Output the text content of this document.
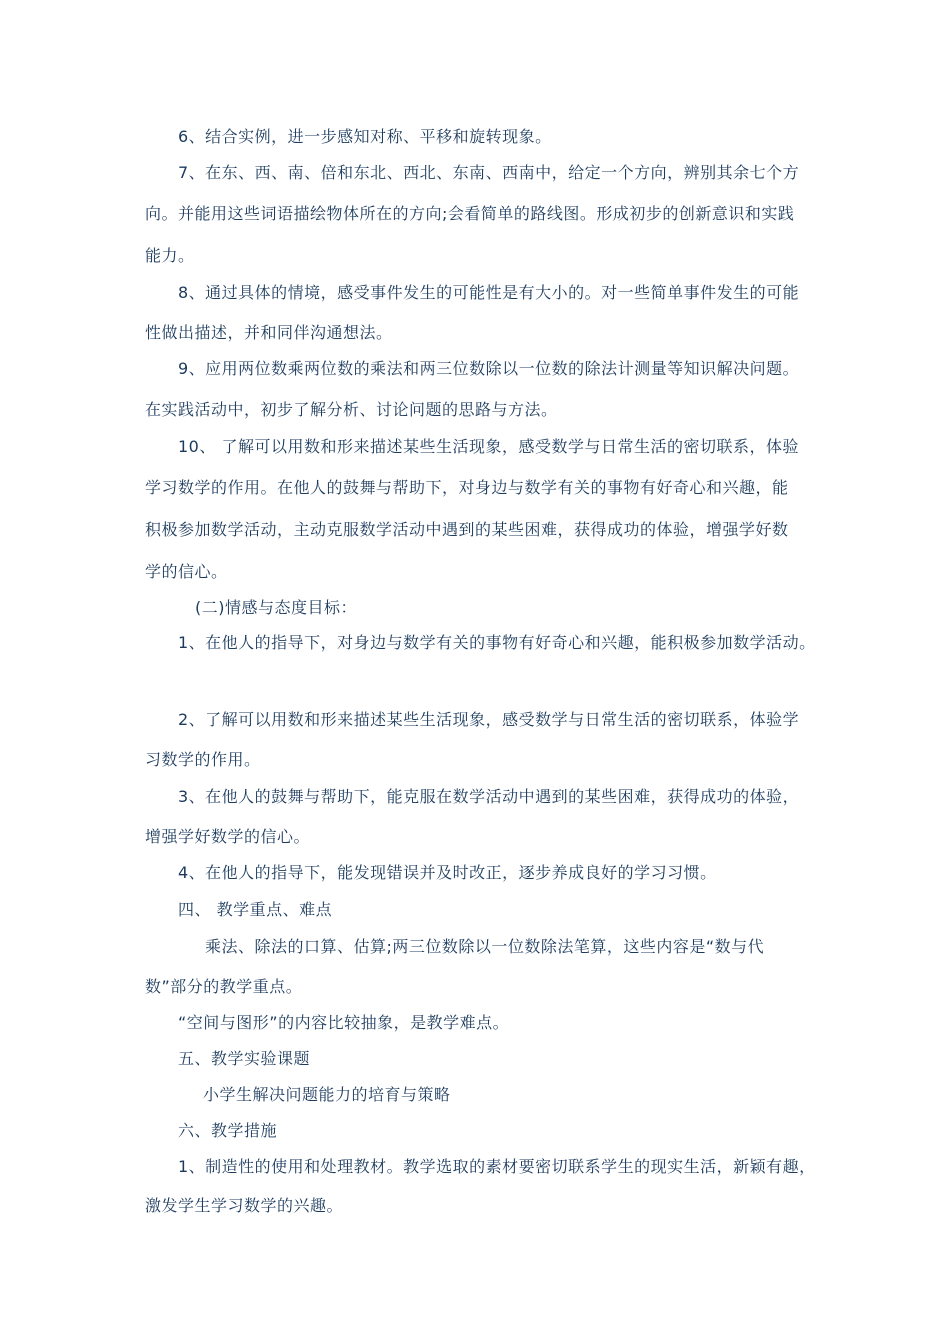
6、结合实例，进一步感知对称、平移和旋转现象。

7、在东、西、南、倍和东北、西北、东南、西南中，给定一个方向，辨别其余七个方

向。并能用这些词语描绘物体所在的方向;会看简单的路线图。形成初步的创新意识和实践

能力。

8、通过具体的情境，感受事件发生的可能性是有大小的。对一些简单事件发生的可能

性做出描述，并和同伴沟通想法。

9、应用两位数乘两位数的乘法和两三位数除以一位数的除法计测量等知识解决问题。

在实践活动中，初步了解分析、讨论问题的思路与方法。

10、 了解可以用数和形来描述某些生活现象，感受数学与日常生活的密切联系，体验

学习数学的作用。在他人的鼓舞与帮助下，对身边与数学有关的事物有好奇心和兴趣，能

积极参加数学活动，主动克服数学活动中遇到的某些困难，获得成功的体验，增强学好数

学的信心。

(二)情感与态度目标：

1、在他人的指导下，对身边与数学有关的事物有好奇心和兴趣，能积极参加数学活动。

2、了解可以用数和形来描述某些生活现象，感受数学与日常生活的密切联系，体验学

习数学的作用。

3、在他人的鼓舞与帮助下，能克服在数学活动中遇到的某些困难，获得成功的体验，

增强学好数学的信心。

4、在他人的指导下，能发现错误并及时改正，逐步养成良好的学习习惯。

四、 教学重点、难点

乘法、除法的口算、估算;两三位数除以一位数除法笔算，这些内容是“数与代

数”部分的教学重点。

“空间与图形”的内容比较抽象，是教学难点。

五、教学实验课题

小学生解决问题能力的培育与策略

六、教学措施

1、制造性的使用和处理教材。教学选取的素材要密切联系学生的现实生活，新颖有趣，

激发学生学习数学的兴趣。
